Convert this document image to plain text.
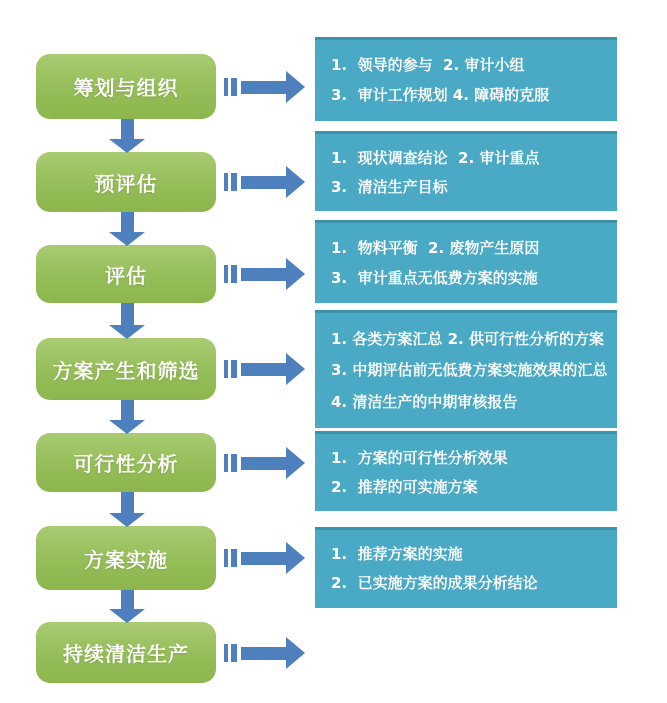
筹划与组织
预评估
评估
方案产生和筛选
可行性分析
方案实施
持续清洁生产
1.  领导的参与  2. 审计小组
3.  审计工作规划 4. 障碍的克服
1.  现状调查结论  2. 审计重点
3.  清洁生产目标
1.  物料平衡  2. 废物产生原因
3.  审计重点无低费方案的实施
1. 各类方案汇总 2. 供可行性分析的方案
3. 中期评估前无低费方案实施效果的汇总
4. 清洁生产的中期审核报告
1.  方案的可行性分析效果
2.  推荐的可实施方案
1.  推荐方案的实施
2.  已实施方案的成果分析结论
